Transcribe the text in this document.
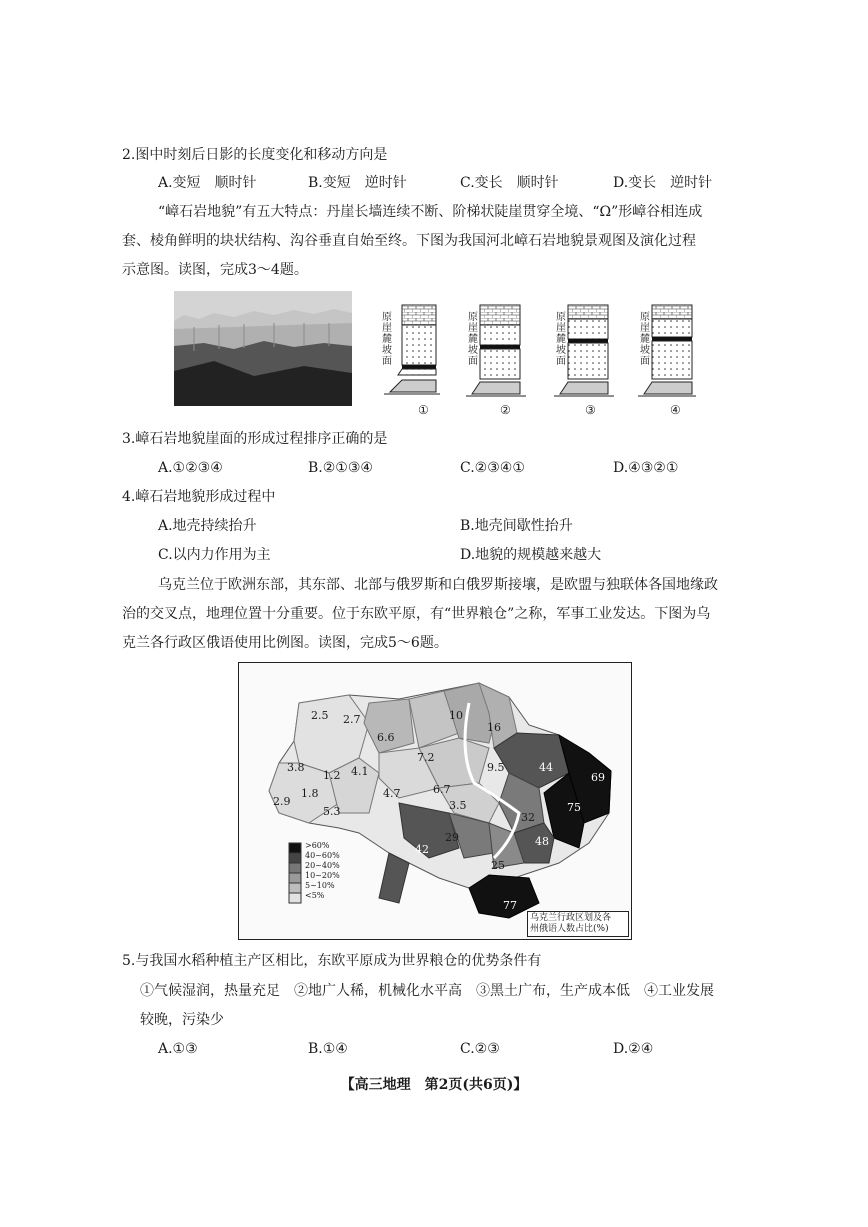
2.图中时刻后日影的长度变化和移动方向是
A.变短　顺时针	B.变短　逆时针	C.变长　顺时针	D.变长　逆时针
“嶂石岩地貌”有五大特点：丹崖长墙连续不断、阶梯状陡崖贯穿全境、“Ω”形嶂谷相连成
套、棱角鲜明的块状结构、沟谷垂直自始至终。下图为我国河北嶂石岩地貌景观图及演化过程
示意图。读图，完成3～4题。
原崖麓坡面
原崖麓坡面
原崖麓坡面
原崖麓坡面
①	②	③	④
3.嶂石岩地貌崖面的形成过程排序正确的是
A.①②③④	B.②①③④	C.②③④①	D.④③②①
4.嶂石岩地貌形成过程中
A.地壳持续抬升	B.地壳间歇性抬升
C.以内力作用为主	D.地貌的规模越来越大
乌克兰位于欧洲东部，其东部、北部与俄罗斯和白俄罗斯接壤，是欧盟与独联体各国地缘政
治的交叉点，地理位置十分重要。位于东欧平原，有“世界粮仓”之称，军事工业发达。下图为乌
克兰各行政区俄语使用比例图。读图，完成5～6题。
2.5 2.7
6.6
10
16
3.8
1.2 4.1
7.2
9.5	44
69
1.8	4.7	6.7
75
2.9
5.3	3.5
32
29
42
48
25
77
>60%
40~60%
20~40%
10~20%
5~10%
<5%
乌克兰行政区划及各
州俄语人数占比(%)
5.与我国水稻种植主产区相比，东欧平原成为世界粮仓的优势条件有
①气候湿润，热量充足　②地广人稀，机械化水平高　③黑土广布，生产成本低　④工业发展
较晚，污染少
A.①③	B.①④	C.②③	D.②④
【高三地理　第2页(共6页)】
